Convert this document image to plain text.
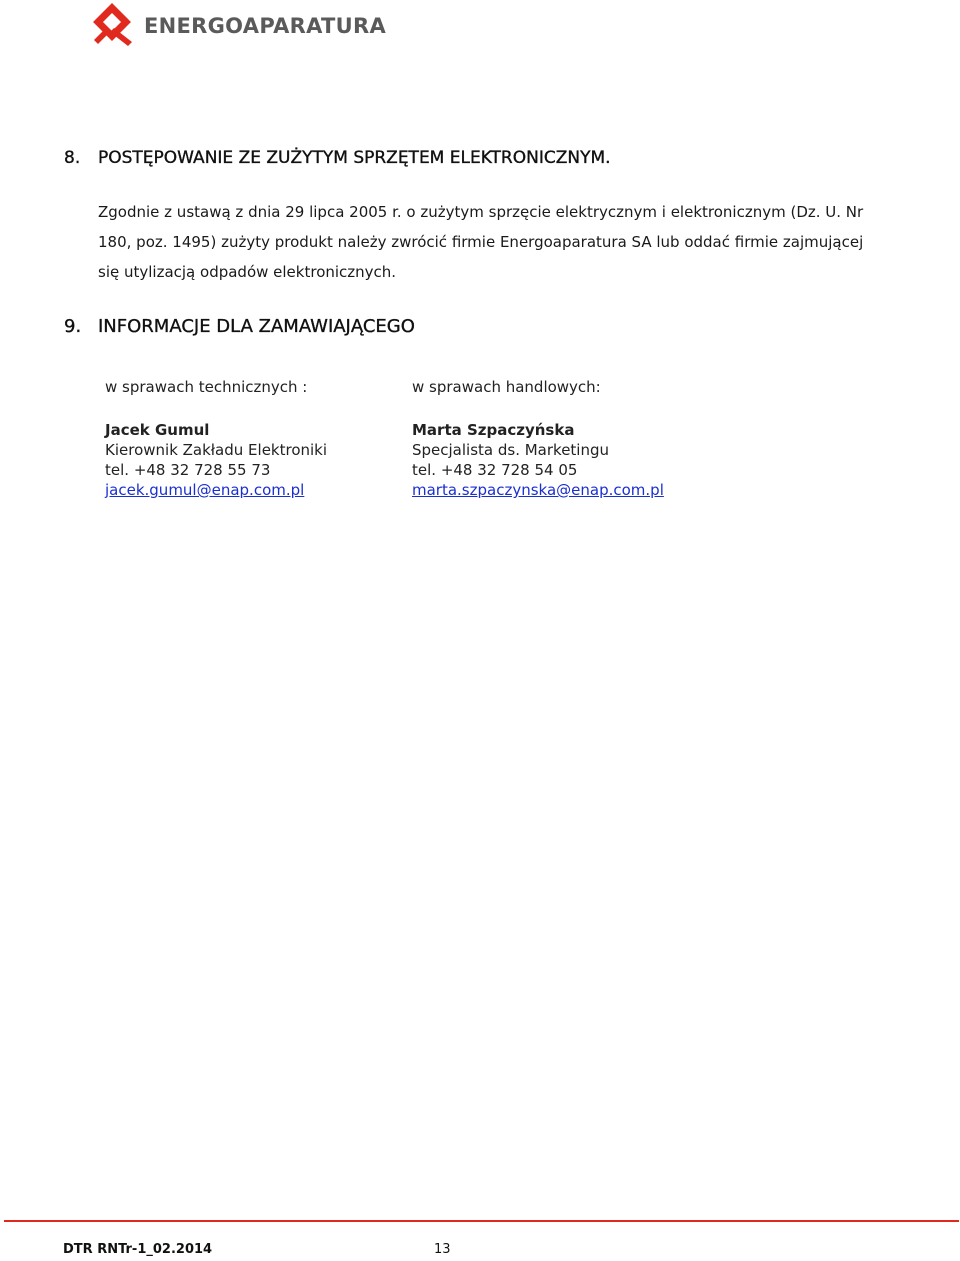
ENERGOAPARATURA
8.	POSTĘPOWANIE ZE ZUŻYTYM SPRZĘTEM ELEKTRONICZNYM.
Zgodnie z ustawą z dnia 29 lipca 2005 r. o zużytym sprzęcie elektrycznym i elektronicznym (Dz. U. Nr
180, poz. 1495) zużyty produkt należy zwrócić firmie Energoaparatura SA lub oddać firmie zajmującej
się utylizacją odpadów elektronicznych.
9. INFORMACJE DLA ZAMAWIAJĄCEGO
w sprawach technicznych :
Jacek Gumul
Kierownik Zakładu Elektroniki
tel. +48 32 728 55 73
jacek.gumul@enap.com.pl
w sprawach handlowych:
Marta Szpaczyńska
Specjalista ds. Marketingu
tel. +48 32 728 54 05
marta.szpaczynska@enap.com.pl
DTR RNTr-1_02.2014	13
